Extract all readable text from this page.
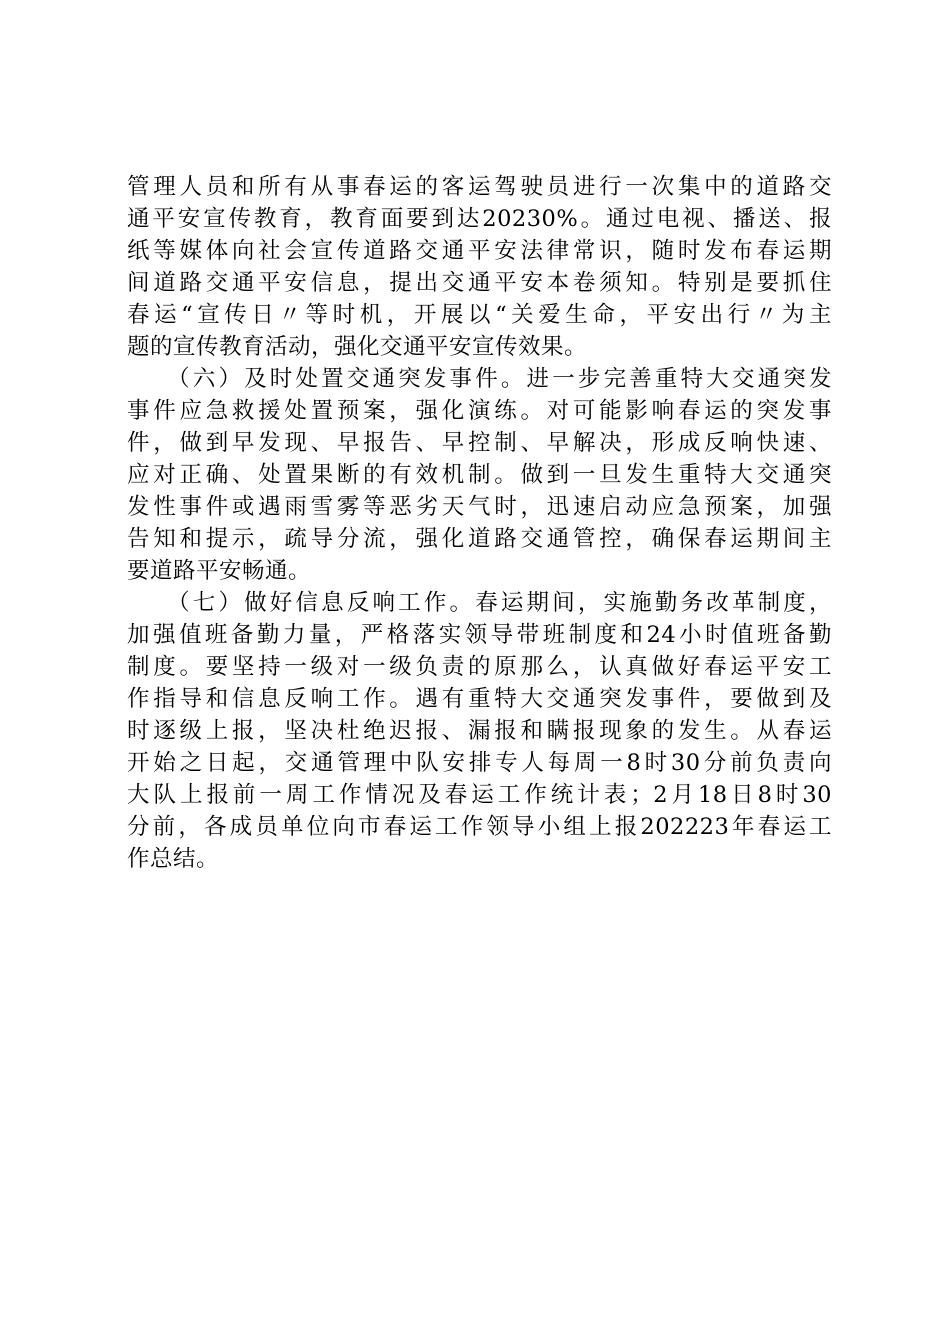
管理人员和所有从事春运的客运驾驶员进行一次集中的道路交
通平安宣传教育，教育面要到达20230%。通过电视、播送、报
纸等媒体向社会宣传道路交通平安法律常识，随时发布春运期
间道路交通平安信息，提出交通平安本卷须知。特别是要抓住
春运“宣传日〃等时机，开展以“关爱生命，平安出行〃为主
题的宣传教育活动，强化交通平安宣传效果。
　　（六）及时处置交通突发事件。进一步完善重特大交通突发
事件应急救援处置预案，强化演练。对可能影响春运的突发事
件，做到早发现、早报告、早控制、早解决，形成反响快速、
应对正确、处置果断的有效机制。做到一旦发生重特大交通突
发性事件或遇雨雪雾等恶劣天气时，迅速启动应急预案，加强
告知和提示，疏导分流，强化道路交通管控，确保春运期间主
要道路平安畅通。
　　（七）做好信息反响工作。春运期间，实施勤务改革制度，
加强值班备勤力量，严格落实领导带班制度和24小时值班备勤
制度。要坚持一级对一级负责的原那么，认真做好春运平安工
作指导和信息反响工作。遇有重特大交通突发事件，要做到及
时逐级上报，坚决杜绝迟报、漏报和瞒报现象的发生。从春运
开始之日起，交通管理中队安排专人每周一8时30分前负责向
大队上报前一周工作情况及春运工作统计表；2月18日8时30
分前，各成员单位向市春运工作领导小组上报202223年春运工
作总结。
